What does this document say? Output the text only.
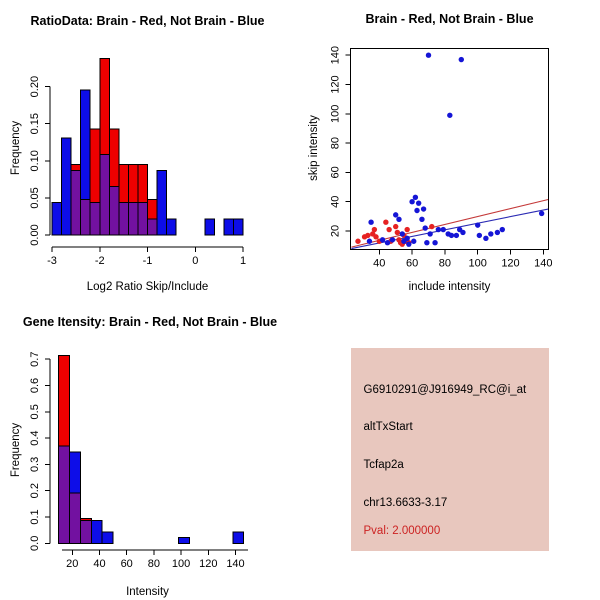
RatioData: Brain - Red, Not Brain - Blue
0.00
0.05
0.10
0.15
0.20
-3	-2	-1	0	1
Log2 Ratio Skip/Include
Frequency
Brain - Red, Not Brain - Blue
40 60 80 100 120 140
20
40
60
80
100
120
140
include intensity
skip intensity
Gene Itensity: Brain - Red, Not Brain - Blue
0.0
0.1
0.2
0.3
0.4
0.5
0.6
0.7
20 40 60 80 100 120 140
Intensity
Frequency
G6910291@J916949_RC@i_at
altTxStart
Tcfap2a
chr13.6633-3.17
Pval: 2.000000
